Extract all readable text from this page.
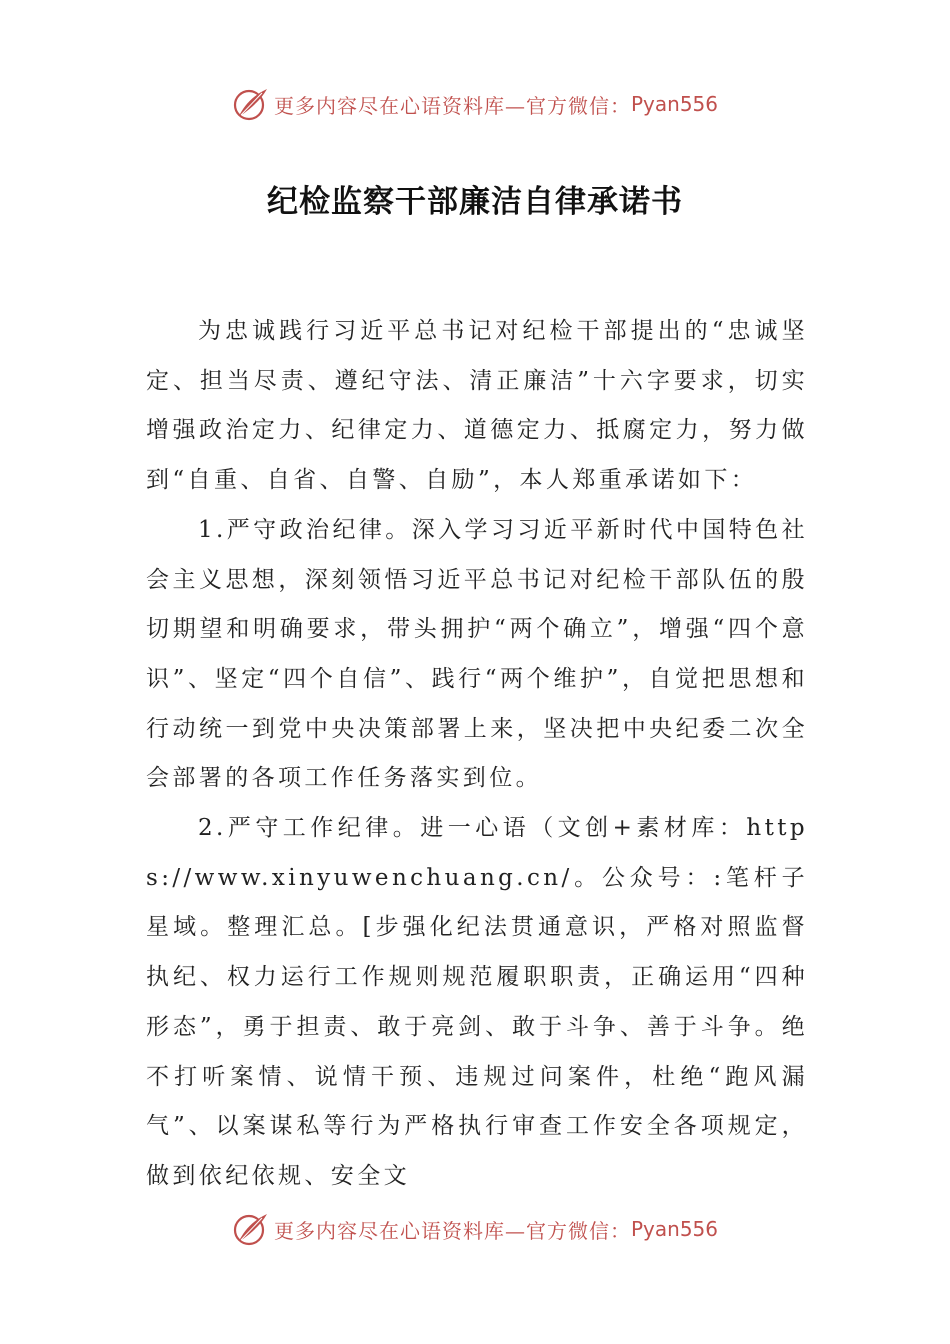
更多内容尽在心语资料库—官方微信： Pyan556
纪检监察干部廉洁自律承诺书

为忠诚践行习近平总书记对纪检干部提出的“忠诚坚定、担当尽责、遵纪守法、清正廉洁”十六字要求，切实增强政治定力、纪律定力、道德定力、抵腐定力，努力做到“自重、自省、自警、自励”，本人郑重承诺如下：

1.严守政治纪律。深入学习习近平新时代中国特色社会主义思想，深刻领悟习近平总书记对纪检干部队伍的殷切期望和明确要求，带头拥护“两个确立”，增强“四个意识”、坚定“四个自信”、践行“两个维护”，自觉把思想和行动统一到党中央决策部署上来，坚决把中央纪委二次全会部署的各项工作任务落实到位。

2.严守工作纪律。进一心语（文创+素材库：https://www.xinyuwenchuang.cn/。公众号：:笔杆子星域。整理汇总。[步强化纪法贯通意识，严格对照监督执纪、权力运行工作规则规范履职职责，正确运用“四种形态”，勇于担责、敢于亮剑、敢于斗争、善于斗争。绝不打听案情、说情干预、违规过问案件，杜绝“跑风漏气”、以案谋私等行为严格执行审查工作安全各项规定，做到依纪依规、安全文

更多内容尽在心语资料库—官方微信： Pyan556
